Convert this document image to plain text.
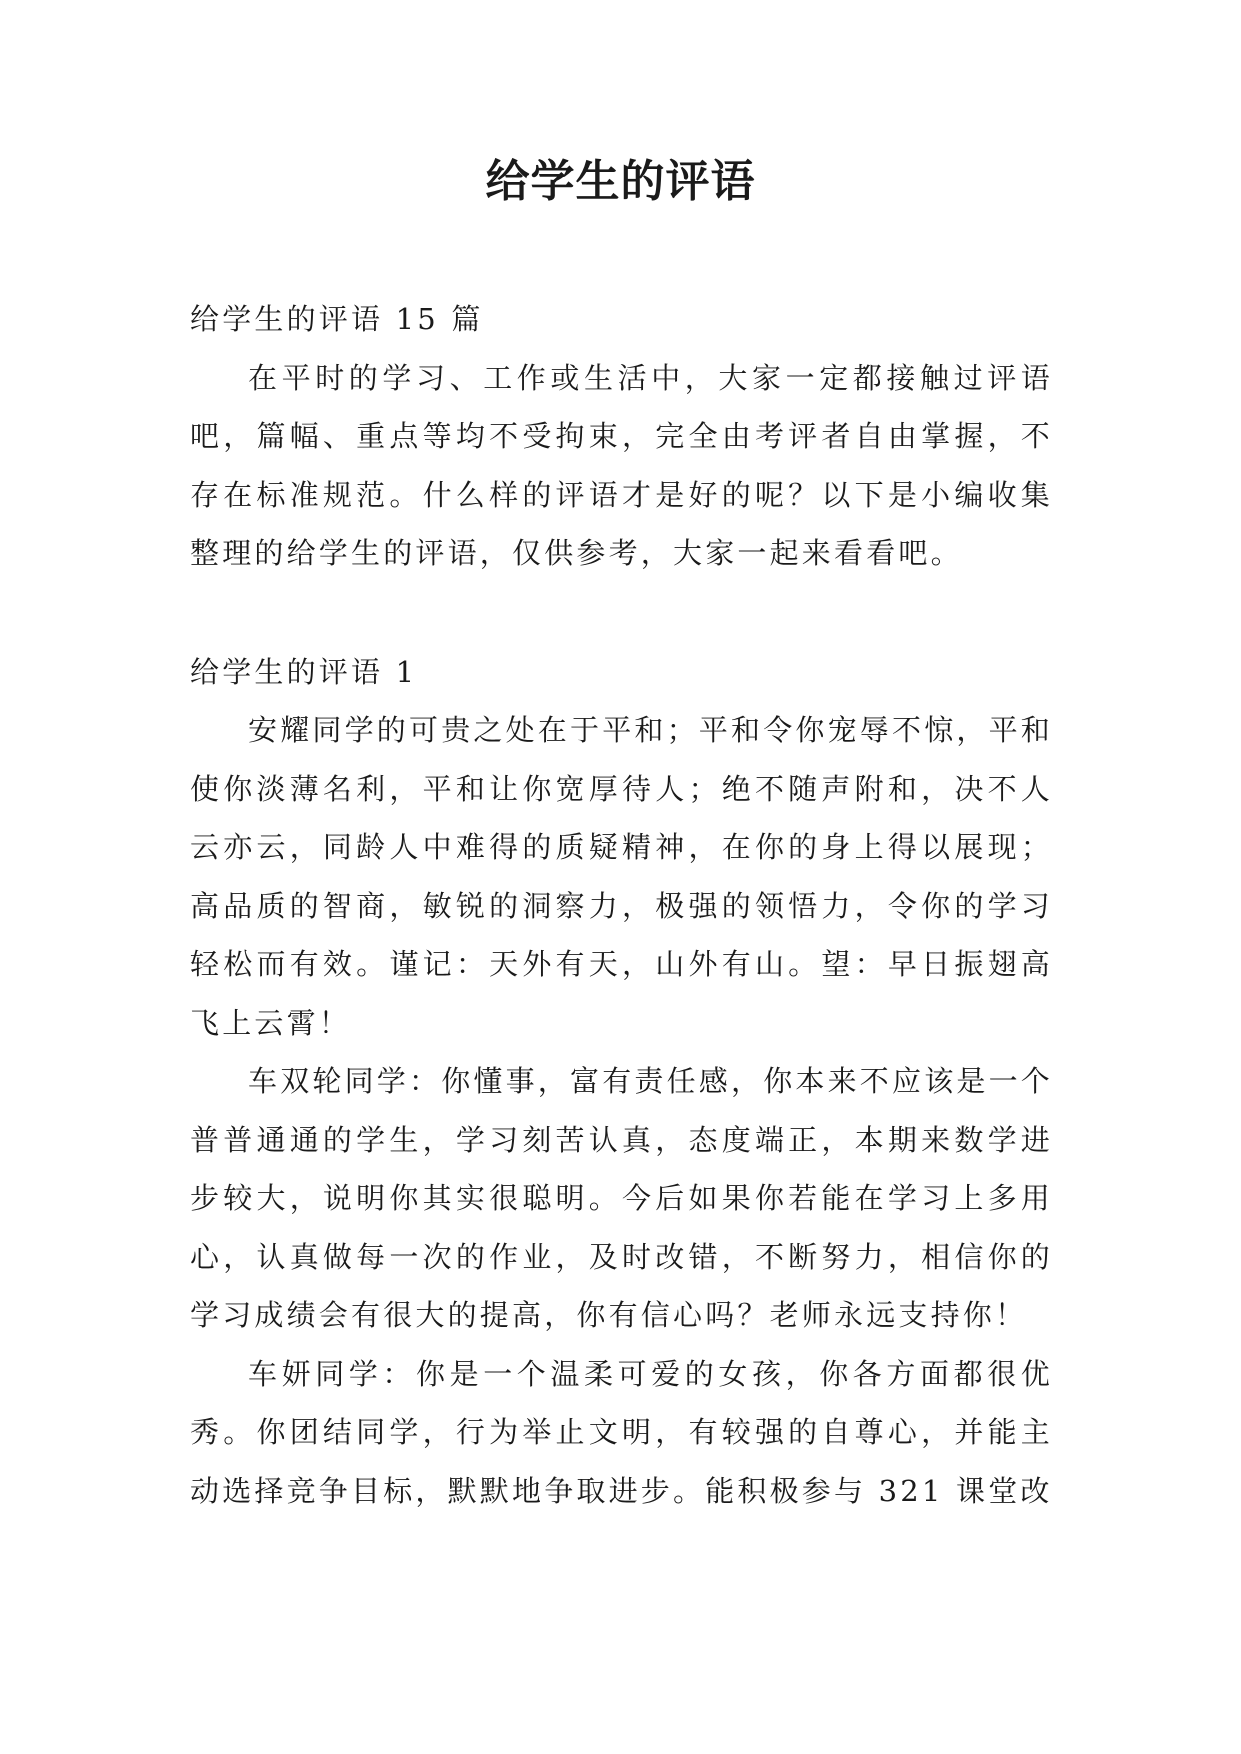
给学生的评语

给学生的评语 15 篇

在平时的学习、工作或生活中，大家一定都接触过评语吧，篇幅、重点等均不受拘束，完全由考评者自由掌握，不存在标准规范。什么样的评语才是好的呢？以下是小编收集整理的给学生的评语，仅供参考，大家一起来看看吧。

给学生的评语 1

安耀同学的可贵之处在于平和；平和令你宠辱不惊，平和使你淡薄名利，平和让你宽厚待人；绝不随声附和，决不人云亦云，同龄人中难得的质疑精神，在你的身上得以展现；高品质的智商，敏锐的洞察力，极强的领悟力，令你的学习轻松而有效。谨记：天外有天，山外有山。望：早日振翅高飞上云霄！

车双轮同学：你懂事，富有责任感，你本来不应该是一个普普通通的学生，学习刻苦认真，态度端正，本期来数学进步较大，说明你其实很聪明。今后如果你若能在学习上多用心，认真做每一次的作业，及时改错，不断努力，相信你的学习成绩会有很大的提高，你有信心吗？老师永远支持你！

车妍同学：你是一个温柔可爱的女孩，你各方面都很优秀。你团结同学，行为举止文明，有较强的自尊心，并能主动选择竞争目标，默默地争取进步。能积极参与 321 课堂改
